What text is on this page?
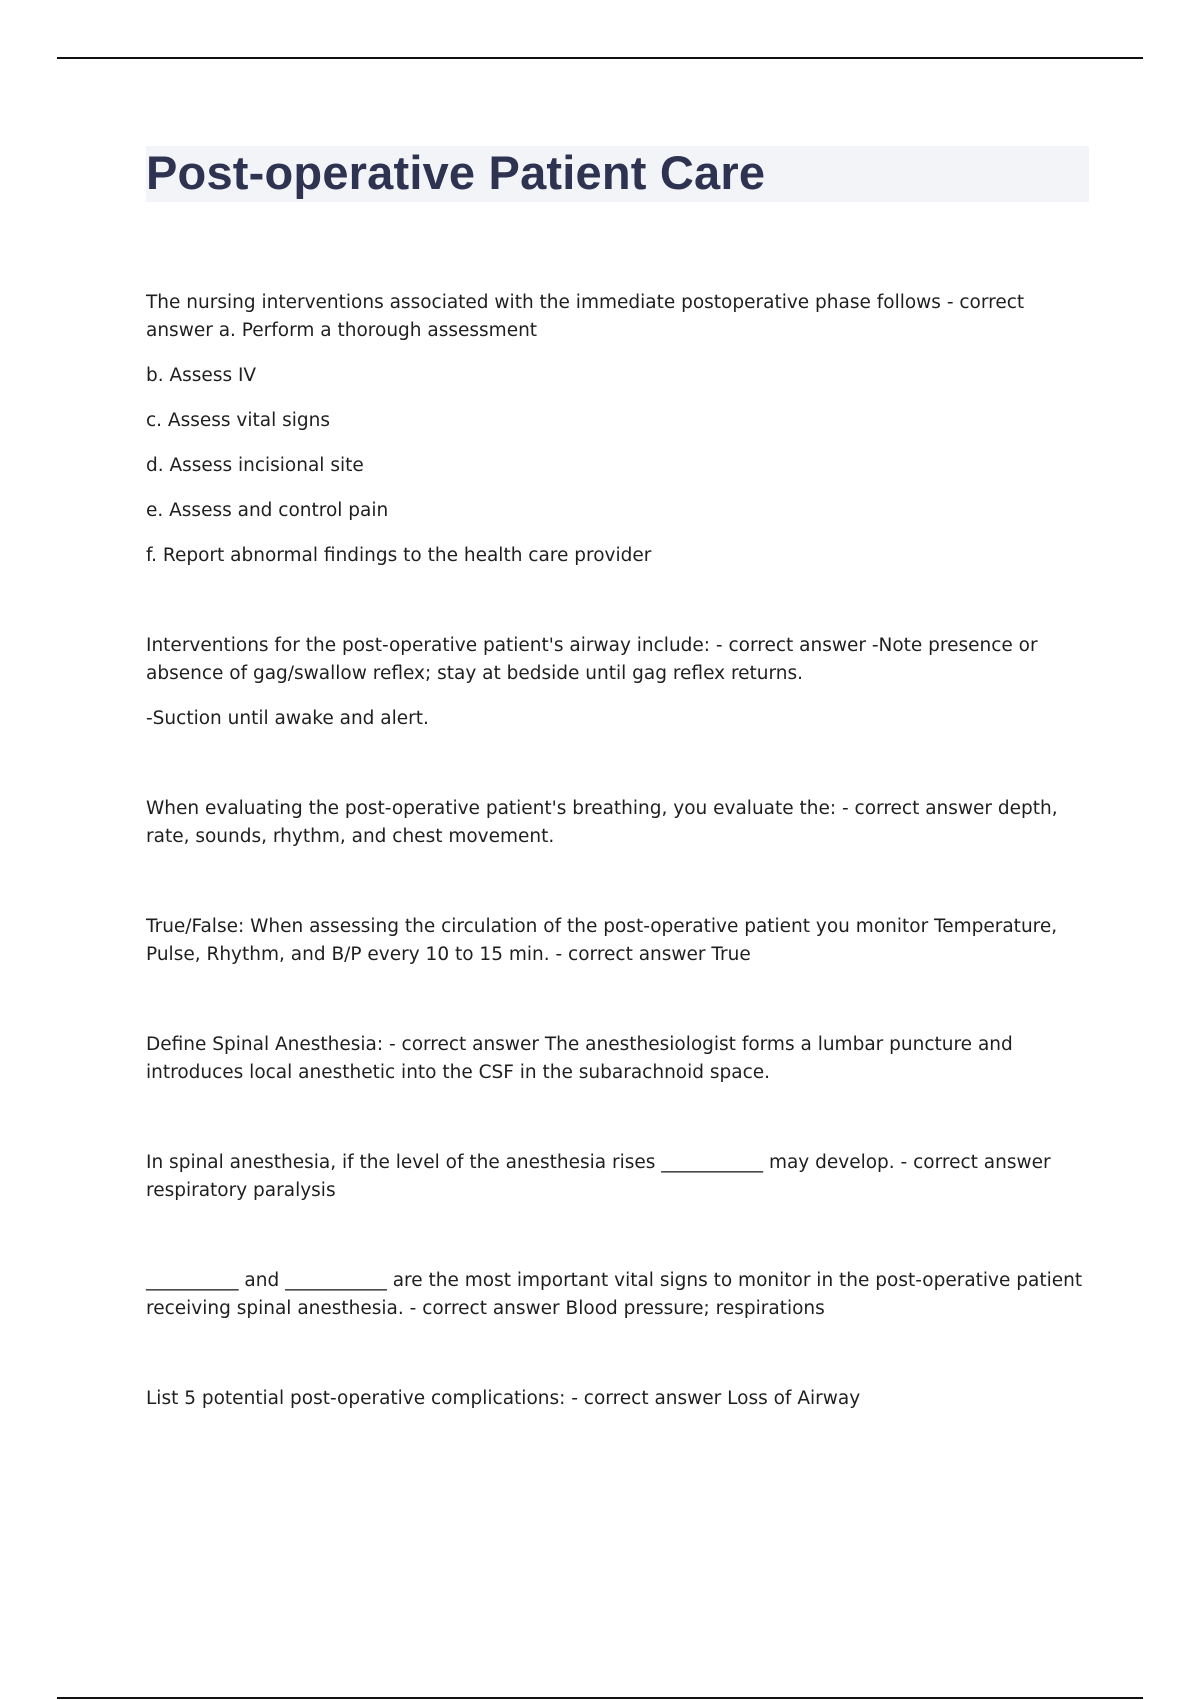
Post-operative Patient Care

The nursing interventions associated with the immediate postoperative phase follows - correct answer a. Perform a thorough assessment

b. Assess IV

c. Assess vital signs

d. Assess incisional site

e. Assess and control pain

f. Report abnormal findings to the health care provider

Interventions for the post-operative patient's airway include: - correct answer -Note presence or absence of gag/swallow reflex; stay at bedside until gag reflex returns.

-Suction until awake and alert.

When evaluating the post-operative patient's breathing, you evaluate the: - correct answer depth, rate, sounds, rhythm, and chest movement.

True/False: When assessing the circulation of the post-operative patient you monitor Temperature, Pulse, Rhythm, and B/P every 10 to 15 min. - correct answer True

Define Spinal Anesthesia: - correct answer The anesthesiologist forms a lumbar puncture and introduces local anesthetic into the CSF in the subarachnoid space.

In spinal anesthesia, if the level of the anesthesia rises ___________ may develop. - correct answer respiratory paralysis

__________ and ___________ are the most important vital signs to monitor in the post-operative patient receiving spinal anesthesia. - correct answer Blood pressure; respirations

List 5 potential post-operative complications: - correct answer Loss of Airway
